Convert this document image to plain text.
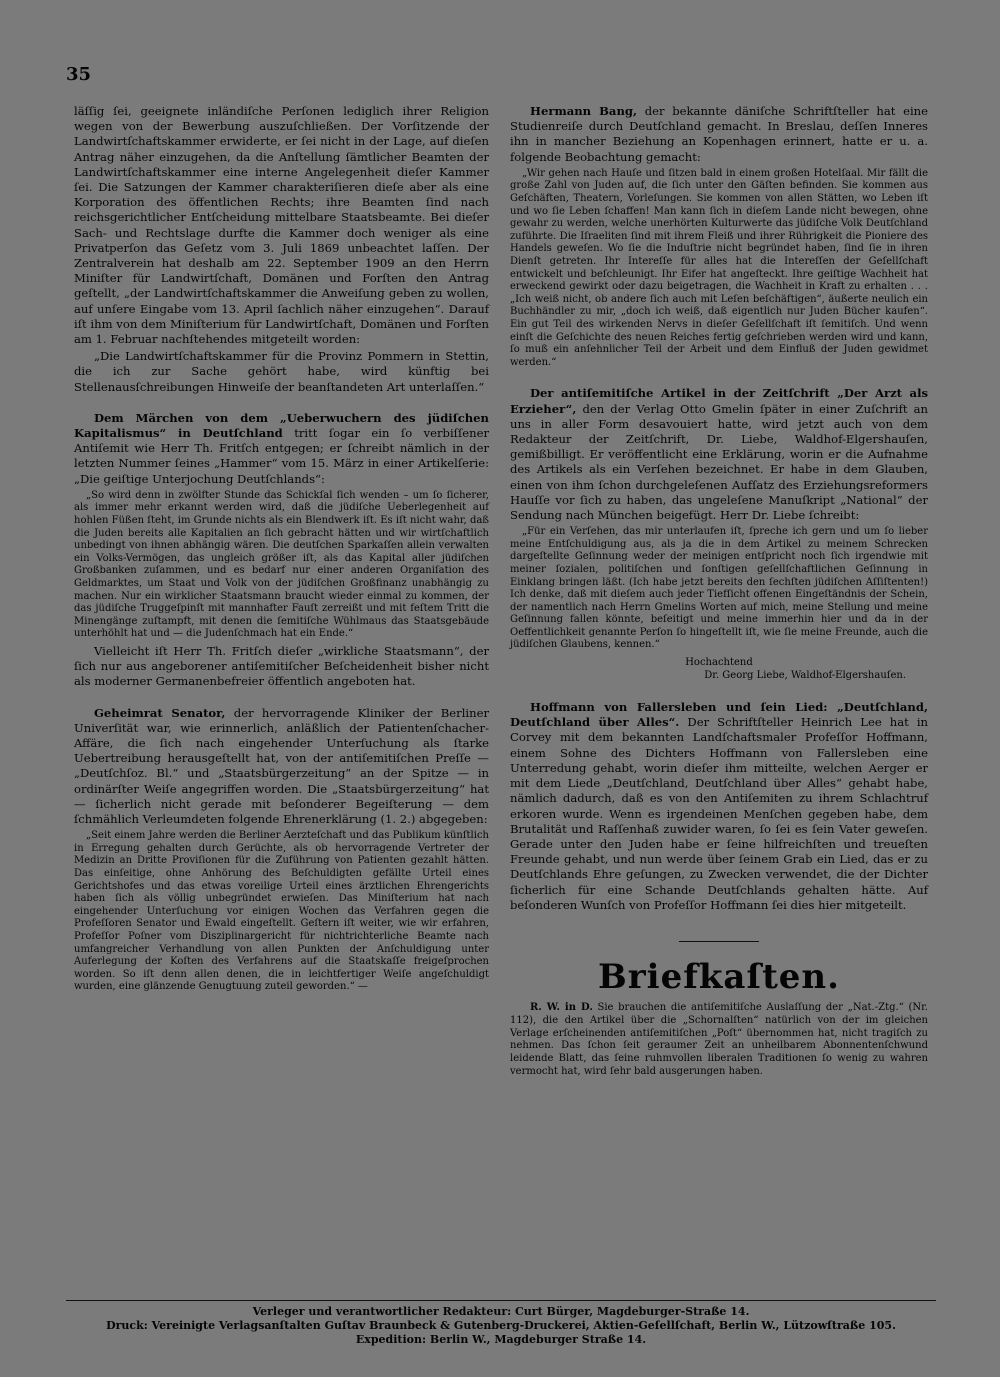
35

läſſig ſei, geeignete inländiſche Perſonen lediglich ihrer Religion wegen von der Bewerbung auszuſchließen. Der Vorſitzende der Landwirtſchaftskammer erwiderte, er ſei nicht in der Lage, auf dieſen Antrag näher einzugehen, da die Anſtellung ſämtlicher Beamten der Landwirtſchaftskammer eine interne Angelegenheit dieſer Kammer ſei. Die Satzungen der Kammer charakteriſieren dieſe aber als eine Korporation des öffentlichen Rechts; ihre Beamten ſind nach reichsgerichtlicher Entſcheidung mittelbare Staatsbeamte. Bei dieſer Sach- und Rechtslage durfte die Kammer doch weniger als eine Privatperſon das Geſetz vom 3. Juli 1869 unbeachtet laſſen. Der Zentralverein hat deshalb am 22. September 1909 an den Herrn Miniſter für Landwirtſchaft, Domänen und Forſten den Antrag geſtellt, „der Landwirtſchaftskammer die Anweiſung geben zu wollen, auf unſere Eingabe vom 13. April ſachlich näher einzugehen“. Darauf iſt ihm von dem Miniſterium für Landwirtſchaft, Domänen und Forſten am 1. Februar nachſtehendes mitgeteilt worden:

„Die Landwirtſchaftskammer für die Provinz Pommern in Stettin, die ich zur Sache gehört habe, wird künftig bei Stellenausſchreibungen Hinweiſe der beanſtandeten Art unterlaſſen.“

Dem Märchen von dem „Ueberwuchern des jüdiſchen Kapitalismus“ in Deutſchland tritt ſogar ein ſo verbiſſener Antiſemit wie Herr Th. Fritſch entgegen; er ſchreibt nämlich in der letzten Nummer ſeines „Hammer“ vom 15. März in einer Artikelſerie: „Die geiſtige Unterjochung Deutſchlands“:

„So wird denn in zwölfter Stunde das Schickſal ſich wenden – um ſo ſicherer, als immer mehr erkannt werden wird, daß die jüdiſche Ueberlegenheit auf hohlen Füßen ſteht, im Grunde nichts als ein Blendwerk iſt. Es iſt nicht wahr, daß die Juden bereits alle Kapitalien an ſich gebracht hätten und wir wirtſchaftlich unbedingt von ihnen abhängig wären. Die deutſchen Sparkaſſen allein verwalten ein Volks-Vermögen, das ungleich größer iſt, als das Kapital aller jüdiſchen Großbanken zuſammen, und es bedarf nur einer anderen Organiſation des Geldmarktes, um Staat und Volk von der jüdiſchen Großfinanz unabhängig zu machen. Nur ein wirklicher Staatsmann braucht wieder einmal zu kommen, der das jüdiſche Truggeſpinſt mit mannhafter Fauſt zerreißt und mit feſtem Tritt die Minengänge zuſtampft, mit denen die ſemitiſche Wühlmaus das Staatsgebäude unterhöhlt hat und — die Judenſchmach hat ein Ende.“

Vielleicht iſt Herr Th. Fritſch dieſer „wirkliche Staatsmann“, der ſich nur aus angeborener antiſemitiſcher Beſcheidenheit bisher nicht als moderner Germanenbefreier öffentlich angeboten hat.

Geheimrat Senator, der hervorragende Kliniker der Berliner Univerſität war, wie erinnerlich, anläßlich der Patientenſchacher-Affäre, die ſich nach eingehender Unterſuchung als ſtarke Uebertreibung herausgeſtellt hat, von der antiſemitiſchen Preſſe — „Deutſchſoz. Bl.“ und „Staatsbürgerzeitung“ an der Spitze — in ordinärſter Weiſe angegriffen worden. Die „Staatsbürgerzeitung“ hat — ſicherlich nicht gerade mit beſonderer Begeiſterung — dem ſchmählich Verleumdeten folgende Ehrenerklärung (1. 2.) abgegeben:

„Seit einem Jahre werden die Berliner Aerzteſchaft und das Publikum künſtlich in Erregung gehalten durch Gerüchte, als ob hervorragende Vertreter der Medizin an Dritte Proviſionen für die Zuführung von Patienten gezahlt hätten. Das einſeitige, ohne Anhörung des Beſchuldigten gefällte Urteil eines Gerichtshofes und das etwas voreilige Urteil eines ärztlichen Ehrengerichts haben ſich als völlig unbegründet erwieſen. Das Miniſterium hat nach eingehender Unterſuchung vor einigen Wochen das Verfahren gegen die Profeſſoren Senator und Ewald eingeſtellt. Geſtern iſt weiter, wie wir erfahren, Profeſſor Poſner vom Disziplinargericht für nichtrichterliche Beamte nach umfangreicher Verhandlung von allen Punkten der Anſchuldigung unter Auferlegung der Koſten des Verfahrens auf die Staatskaſſe freigeſprochen worden. So iſt denn allen denen, die in leichtfertiger Weiſe angeſchuldigt wurden, eine glänzende Genugtuung zuteil geworden.“ —

Hermann Bang, der bekannte däniſche Schriftſteller hat eine Studienreiſe durch Deutſchland gemacht. In Breslau, deſſen Inneres ihn in mancher Beziehung an Kopenhagen erinnert, hatte er u. a. folgende Beobachtung gemacht:

„Wir gehen nach Hauſe und ſitzen bald in einem großen Hotelſaal. Mir fällt die große Zahl von Juden auf, die ſich unter den Gäſten befinden. Sie kommen aus Geſchäften, Theatern, Vorleſungen. Sie kommen von allen Stätten, wo Leben iſt und wo ſie Leben ſchaffen! Man kann ſich in dieſem Lande nicht bewegen, ohne gewahr zu werden, welche unerhörten Kulturwerte das jüdiſche Volk Deutſchland zuführte. Die Iſraeliten ſind mit ihrem Fleiß und ihrer Rührigkeit die Pioniere des Handels geweſen. Wo ſie die Induſtrie nicht begründet haben, ſind ſie in ihren Dienſt getreten. Ihr Intereſſe für alles hat die Intereſſen der Geſellſchaft entwickelt und beſchleunigt. Ihr Eifer hat angeſteckt. Ihre geiſtige Wachheit hat erweckend gewirkt oder dazu beigetragen, die Wachheit in Kraft zu erhalten . . . „Ich weiß nicht, ob andere ſich auch mit Leſen beſchäftigen“, äußerte neulich ein Buchhändler zu mir, „doch ich weiß, daß eigentlich nur Juden Bücher kaufen“. Ein gut Teil des wirkenden Nervs in dieſer Geſellſchaft iſt ſemitiſch. Und wenn einſt die Geſchichte des neuen Reiches fertig geſchrieben werden wird und kann, ſo muß ein anſehnlicher Teil der Arbeit und dem Einfluß der Juden gewidmet werden.“

Der antiſemitiſche Artikel in der Zeitſchrift „Der Arzt als Erzieher“, den der Verlag Otto Gmelin ſpäter in einer Zuſchrift an uns in aller Form desavouiert hatte, wird jetzt auch von dem Redakteur der Zeitſchrift, Dr. Liebe, Waldhof-Elgershauſen, gemißbilligt. Er veröffentlicht eine Erklärung, worin er die Aufnahme des Artikels als ein Verſehen bezeichnet. Er habe in dem Glauben, einen von ihm ſchon durchgeleſenen Aufſatz des Erziehungsreformers Hauſſe vor ſich zu haben, das ungeleſene Manuſkript „National“ der Sendung nach München beigefügt. Herr Dr. Liebe ſchreibt:

„Für ein Verſehen, das mir unterlaufen iſt, ſpreche ich gern und um ſo lieber meine Entſchuldigung aus, als ja die in dem Artikel zu meinem Schrecken dargeſtellte Geſinnung weder der meinigen entſpricht noch ſich irgendwie mit meiner ſozialen, politiſchen und ſonſtigen geſellſchaftlichen Geſinnung in Einklang bringen läßt. (Ich habe jetzt bereits den ſechſten jüdiſchen Aſſiſtenten!) Ich denke, daß mit dieſem auch jeder Tiefſicht offenen Eingeſtändnis der Schein, der namentlich nach Herrn Gmelins Worten auf mich, meine Stellung und meine Geſinnung fallen könnte, beſeitigt und meine immerhin hier und da in der Oeffentlichkeit genannte Perſon ſo hingeſtellt iſt, wie ſie meine Freunde, auch die jüdiſchen Glaubens, kennen.“

Hochachtend
Dr. Georg Liebe, Waldhof-Elgershauſen.

Hoffmann von Fallersleben und ſein Lied: „Deutſchland, Deutſchland über Alles“. Der Schriftſteller Heinrich Lee hat in Corvey mit dem bekannten Landſchaftsmaler Profeſſor Hoffmann, einem Sohne des Dichters Hoffmann von Fallersleben eine Unterredung gehabt, worin dieſer ihm mitteilte, welchen Aerger er mit dem Liede „Deutſchland, Deutſchland über Alles“ gehabt habe, nämlich dadurch, daß es von den Antiſemiten zu ihrem Schlachtruf erkoren wurde. Wenn es irgendeinen Menſchen gegeben habe, dem Brutalität und Raſſenhaß zuwider waren, ſo ſei es ſein Vater geweſen. Gerade unter den Juden habe er ſeine hilfreichſten und treueſten Freunde gehabt, und nun werde über ſeinem Grab ein Lied, das er zu Deutſchlands Ehre geſungen, zu Zwecken verwendet, die der Dichter ſicherlich für eine Schande Deutſchlands gehalten hätte. Auf beſonderen Wunſch von Profeſſor Hoffmann ſei dies hier mitgeteilt.

Briefkaſten.

R. W. in D. Sie brauchen die antiſemitiſche Auslaſſung der „Nat.-Ztg.“ (Nr. 112), die den Artikel über die „Schornalſten“ natürlich von der im gleichen Verlage erſcheinenden antiſemitiſchen „Poſt“ übernommen hat, nicht tragiſch zu nehmen. Das ſchon ſeit geraumer Zeit an unheilbarem Abonnentenſchwund leidende Blatt, das ſeine ruhmvollen liberalen Traditionen ſo wenig zu wahren vermocht hat, wird ſehr bald ausgerungen haben.

Verleger und verantwortlicher Redakteur: Curt Bürger, Magdeburger-Straße 14.
Druck: Vereinigte Verlagsanſtalten Guſtav Braunbeck & Gutenberg-Druckerei, Aktien-Geſellſchaft, Berlin W., Lützowſtraße 105.
Expedition: Berlin W., Magdeburger Straße 14.
